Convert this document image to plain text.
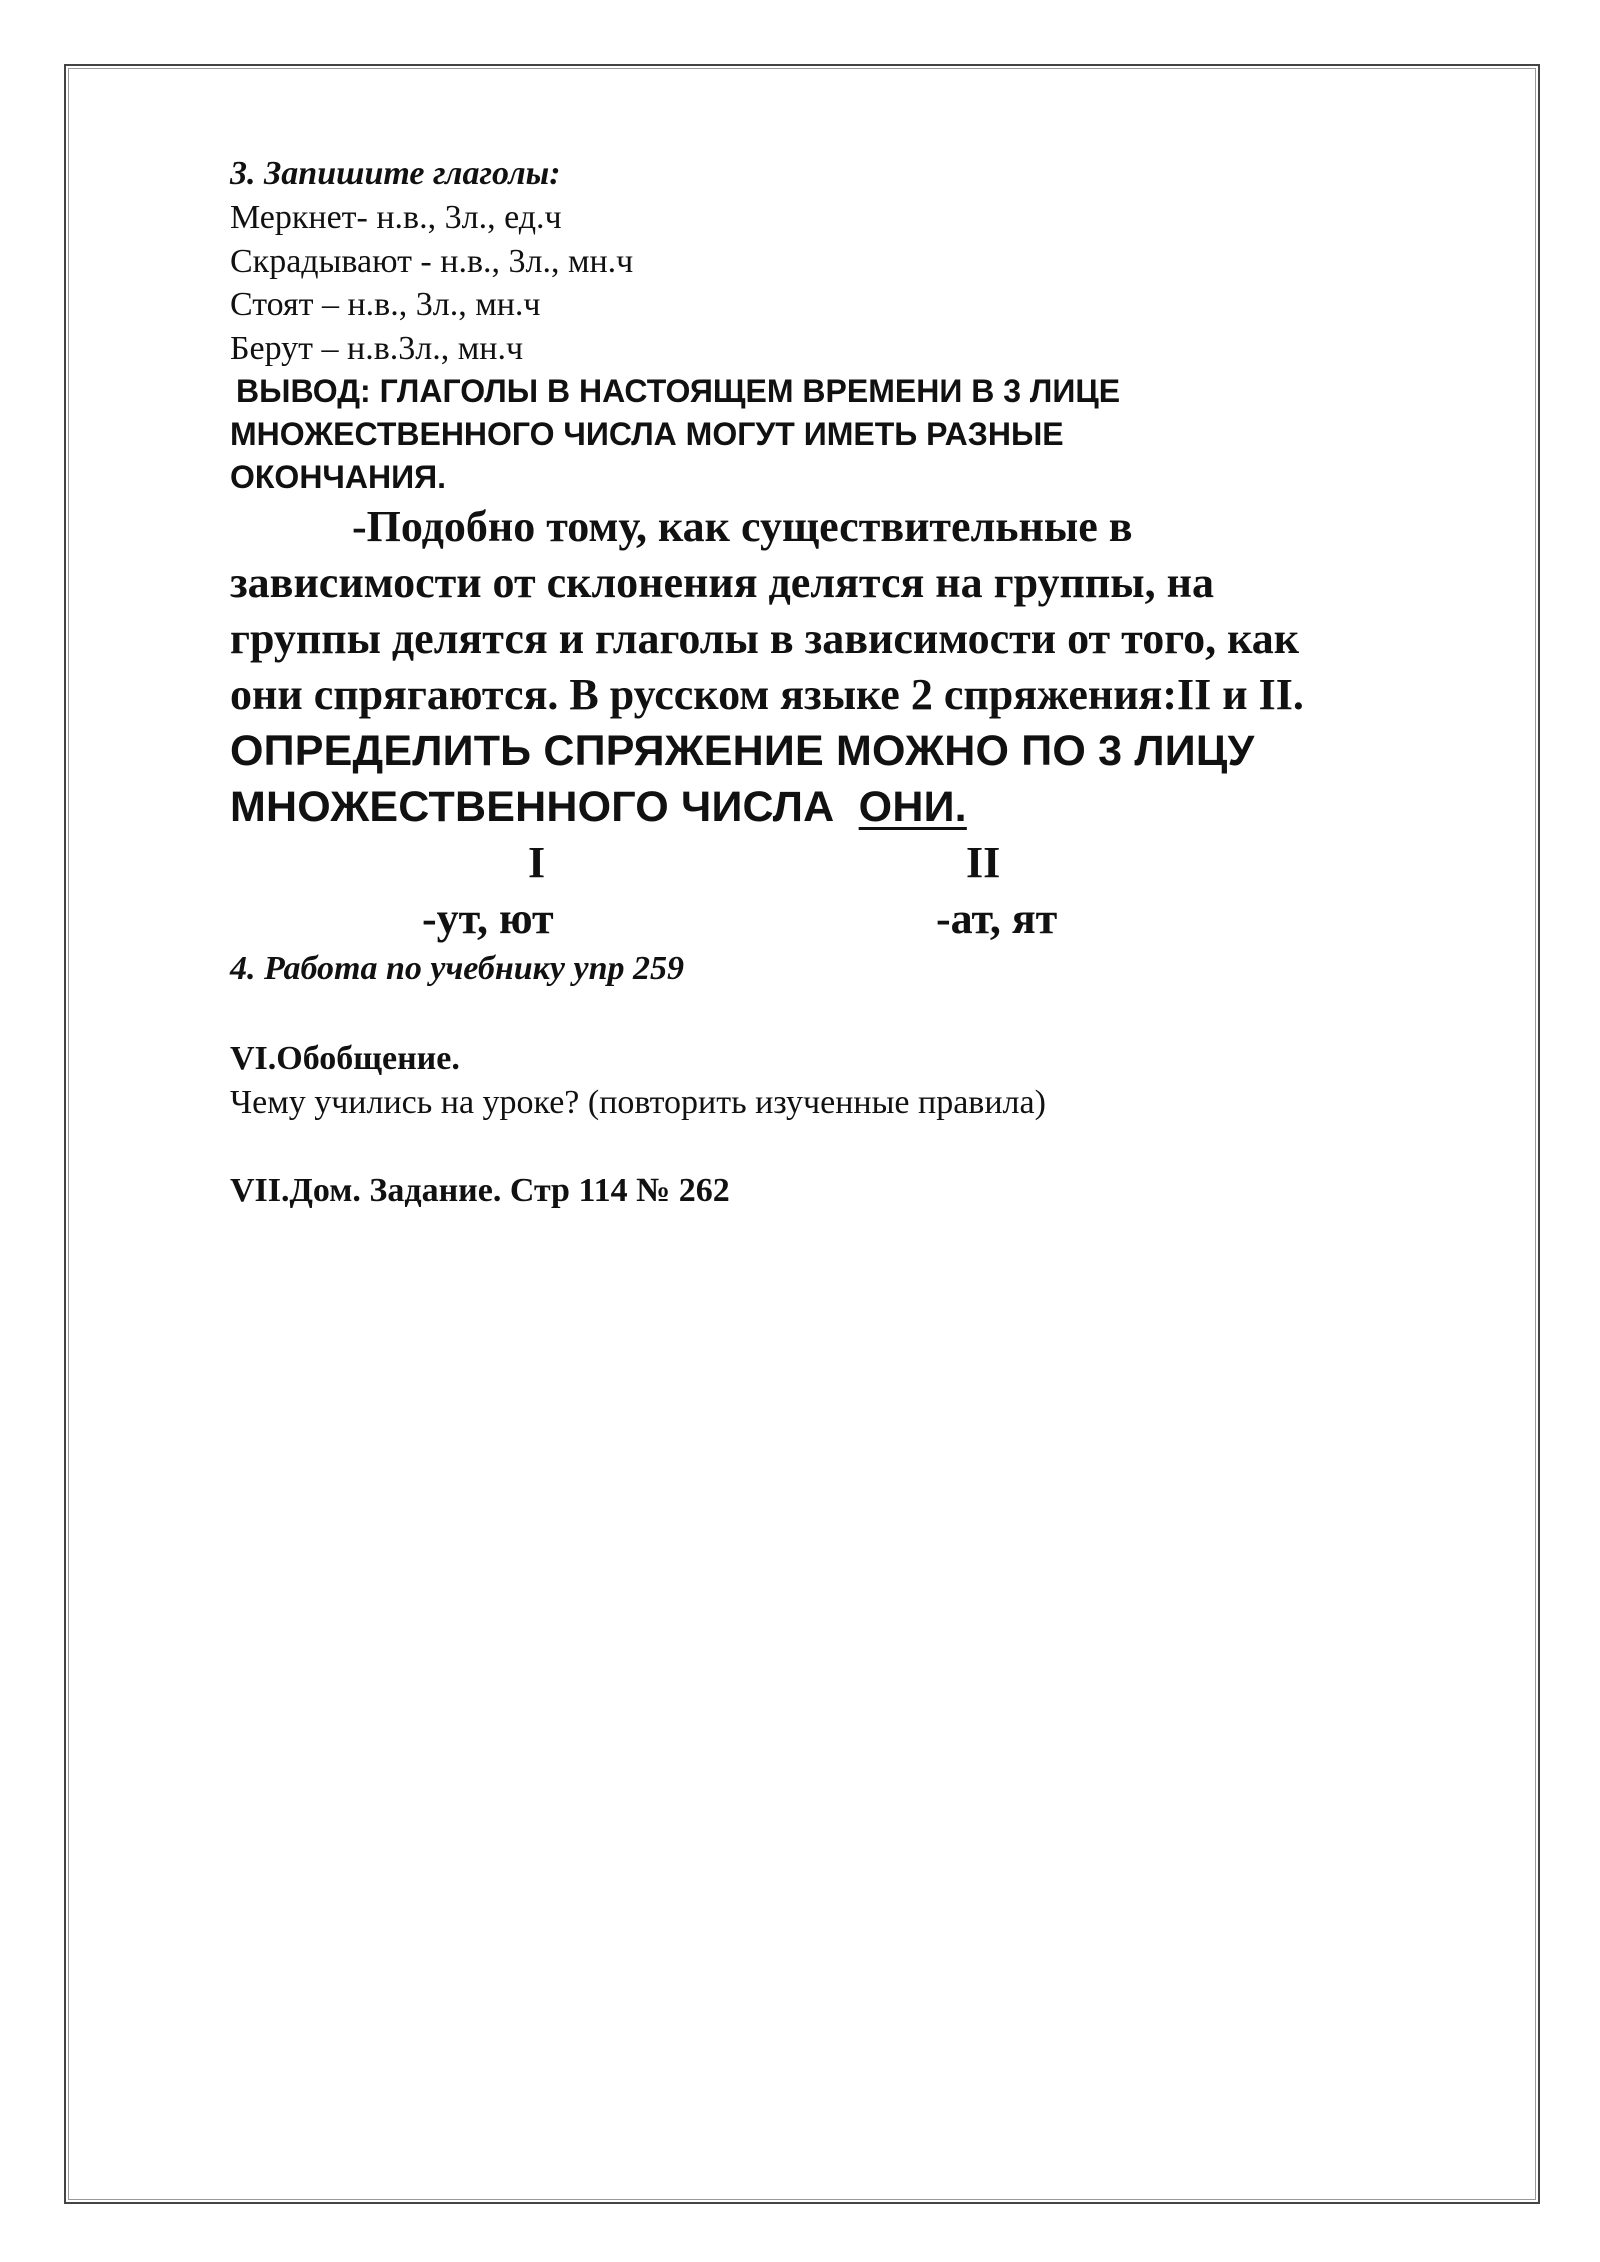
3. Запишите глаголы:

Меркнет- н.в., 3л., ед.ч

Скрадывают - н.в., 3л., мн.ч

Стоят – н.в., 3л., мн.ч

Берут – н.в.3л., мн.ч

ВЫВОД: ГЛАГОЛЫ В НАСТОЯЩЕМ ВРЕМЕНИ В 3 ЛИЦЕ

МНОЖЕСТВЕННОГО ЧИСЛА МОГУТ ИМЕТЬ РАЗНЫЕ

ОКОНЧАНИЯ.

-Подобно тому, как существительные в

зависимости от склонения делятся на группы, на

группы делятся и глаголы в зависимости от того, как

они спрягаются. В русском языке 2 спряжения:II и II.

ОПРЕДЕЛИТЬ СПРЯЖЕНИЕ МОЖНО ПО 3 ЛИЦУ

МНОЖЕСТВЕННОГО ЧИСЛА ОНИ.

I	II
-ут, ют	-ат, ят

4. Работа по учебнику упр 259

VI.Обобщение.

Чему учились на уроке? (повторить изученные правила)

VII.Дом. Задание. Стр 114 № 262
